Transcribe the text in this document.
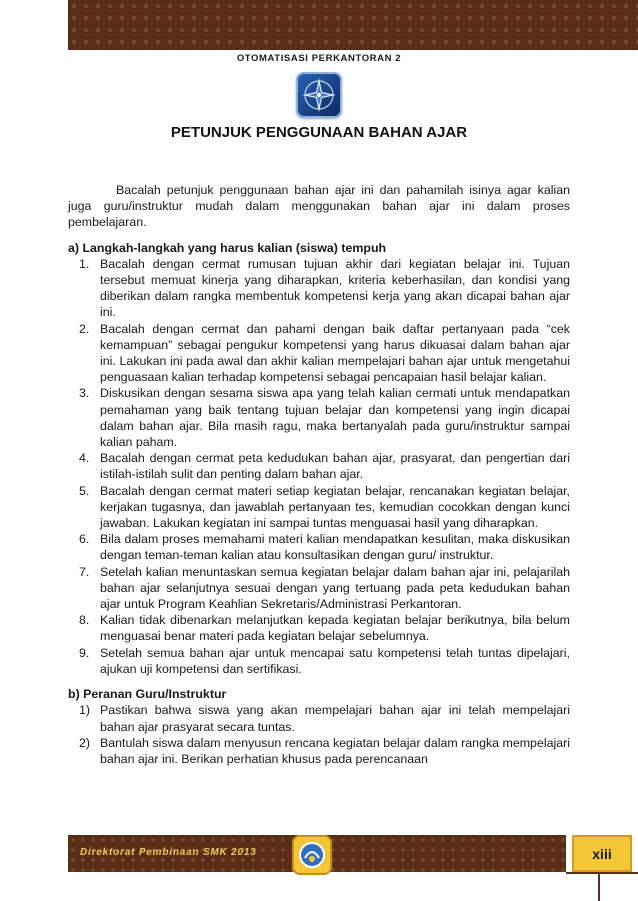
OTOMATISASI PERKANTORAN 2
PETUNJUK PENGGUNAAN BAHAN AJAR

Bacalah petunjuk penggunaan bahan ajar ini dan pahamilah isinya agar kalian juga guru/instruktur mudah dalam menggunakan bahan ajar ini dalam proses pembelajaran.

a) Langkah-langkah yang harus kalian (siswa) tempuh
1. Bacalah dengan cermat rumusan tujuan akhir dari kegiatan belajar ini. Tujuan tersebut memuat kinerja yang diharapkan, kriteria keberhasilan, dan kondisi yang diberikan dalam rangka membentuk kompetensi kerja yang akan dicapai bahan ajar ini.
2. Bacalah dengan cermat dan pahami dengan baik daftar pertanyaan pada “cek kemampuan” sebagai pengukur kompetensi yang harus dikuasai dalam bahan ajar ini. Lakukan ini pada awal dan akhir kalian mempelajari bahan ajar untuk mengetahui penguasaan kalian terhadap kompetensi sebagai pencapaian hasil belajar kalian.
3. Diskusikan dengan sesama siswa apa yang telah kalian cermati untuk mendapatkan pemahaman yang baik tentang tujuan belajar dan kompetensi yang ingin dicapai dalam bahan ajar. Bila masih ragu, maka bertanyalah pada guru/instruktur sampai kalian paham.
4. Bacalah dengan cermat peta kedudukan bahan ajar, prasyarat, dan pengertian dari istilah-istilah sulit dan penting dalam bahan ajar.
5. Bacalah dengan cermat materi setiap kegiatan belajar, rencanakan kegiatan belajar, kerjakan tugasnya, dan jawablah pertanyaan tes, kemudian cocokkan dengan kunci jawaban. Lakukan kegiatan ini sampai tuntas menguasai hasil yang diharapkan.
6. Bila dalam proses memahami materi kalian mendapatkan kesulitan, maka diskusikan dengan teman-teman kalian atau konsultasikan dengan guru/ instruktur.
7. Setelah kalian menuntaskan semua kegiatan belajar dalam bahan ajar ini, pelajarilah bahan ajar selanjutnya sesuai dengan yang tertuang pada peta kedudukan bahan ajar untuk Program Keahlian Sekretaris/Administrasi Perkantoran.
8. Kalian tidak dibenarkan melanjutkan kepada kegiatan belajar berikutnya, bila belum menguasai benar materi pada kegiatan belajar sebelumnya.
9. Setelah semua bahan ajar untuk mencapai satu kompetensi telah tuntas dipelajari, ajukan uji kompetensi dan sertifikasi.
b) Peranan Guru/Instruktur
1) Pastikan bahwa siswa yang akan mempelajari bahan ajar ini telah mempelajari bahan ajar prasyarat secara tuntas.
2) Bantulah siswa dalam menyusun rencana kegiatan belajar dalam rangka mempelajari bahan ajar ini. Berikan perhatian khusus pada perencanaan
Direktorat Pembinaan SMK 2013	xiii
